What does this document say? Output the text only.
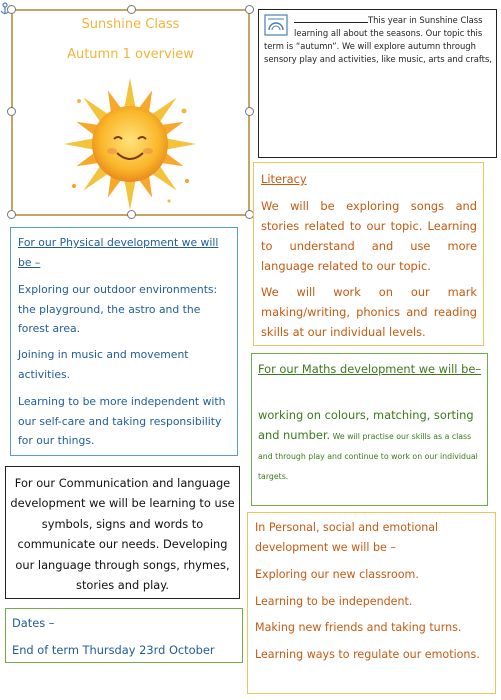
Sunshine Class
Autumn 1 overview
This year in Sunshine Class learning all about the seasons. Our topic this term is “autumn”. We will explore autumn through sensory play and activities, like music, arts and crafts,
Literacy
We will be exploring songs and stories related to our topic. Learning to understand and use more language related to our topic.
We will work on our mark making/writing, phonics and reading skills at our individual levels.
For our Physical development we will be –
Exploring our outdoor environments: the playground, the astro and the forest area.
Joining in music and movement activities.
Learning to be more independent with our self-care and taking responsibility for our things.
For our Maths development we will be–
working on colours, matching, sorting and number. We will practise our skills as a class and through play and continue to work on our individual targets.
For our Communication and language development we will be learning to use symbols, signs and words to communicate our needs. Developing our language through songs, rhymes, stories and play.
In Personal, social and emotional development we will be –
Exploring our new classroom.
Learning to be independent.
Making new friends and taking turns.
Learning ways to regulate our emotions.
Dates –
End of term Thursday 23rd October
